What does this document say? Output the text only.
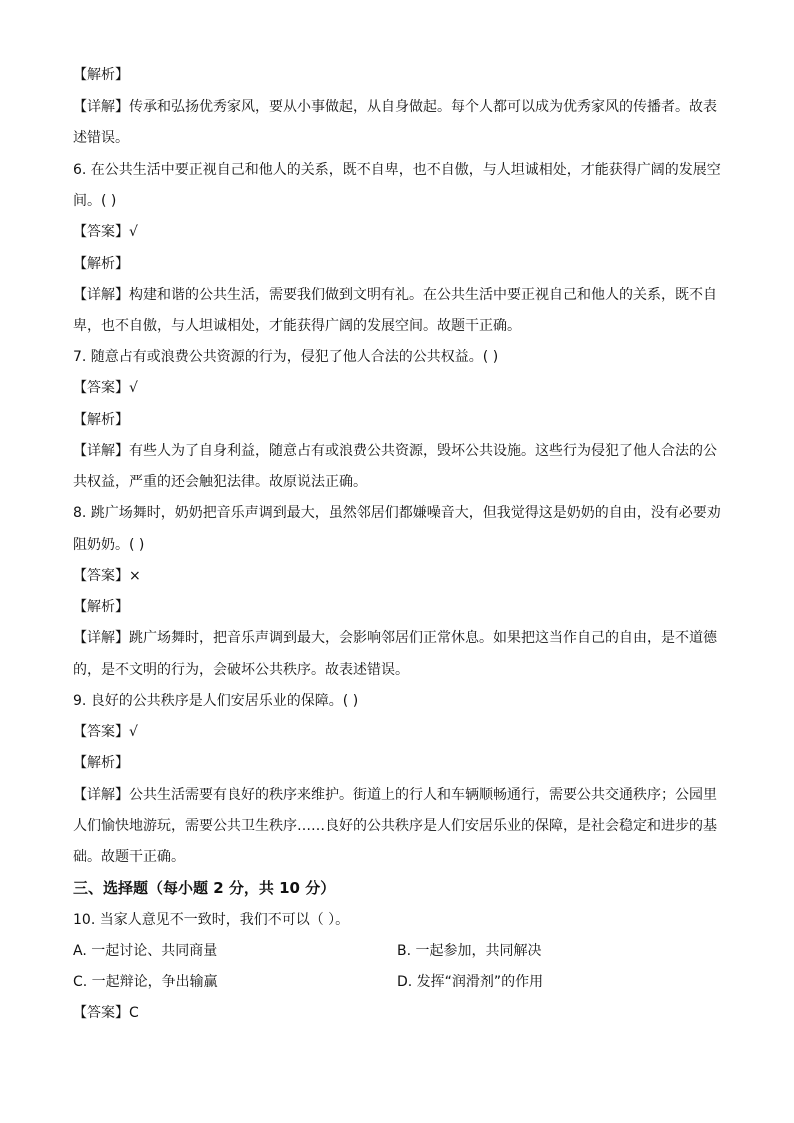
【解析】
【详解】传承和弘扬优秀家风，要从小事做起，从自身做起。每个人都可以成为优秀家风的传播者。故表
述错误。
6. 在公共生活中要正视自己和他人的关系，既不自卑，也不自傲，与人坦诚相处，才能获得广阔的发展空
间。( )
【答案】√
【解析】
【详解】构建和谐的公共生活，需要我们做到文明有礼。在公共生活中要正视自己和他人的关系，既不自
卑，也不自傲，与人坦诚相处，才能获得广阔的发展空间。故题干正确。
7. 随意占有或浪费公共资源的行为，侵犯了他人合法的公共权益。( )
【答案】√
【解析】
【详解】有些人为了自身利益，随意占有或浪费公共资源，毁坏公共设施。这些行为侵犯了他人合法的公
共权益，严重的还会触犯法律。故原说法正确。
8. 跳广场舞时，奶奶把音乐声调到最大，虽然邻居们都嫌噪音大，但我觉得这是奶奶的自由，没有必要劝
阻奶奶。( )
【答案】×
【解析】
【详解】跳广场舞时，把音乐声调到最大，会影响邻居们正常休息。如果把这当作自己的自由，是不道德
的，是不文明的行为，会破坏公共秩序。故表述错误。
9. 良好的公共秩序是人们安居乐业的保障。( )
【答案】√
【解析】
【详解】公共生活需要有良好的秩序来维护。街道上的行人和车辆顺畅通行，需要公共交通秩序；公园里
人们愉快地游玩，需要公共卫生秩序……良好的公共秩序是人们安居乐业的保障，是社会稳定和进步的基
础。故题干正确。
三、选择题（每小题 2 分，共 10 分）
10. 当家人意见不一致时，我们不可以（ ）。
A. 一起讨论、共同商量	B. 一起参加，共同解决
C. 一起辩论，争出输赢	D. 发挥“润滑剂”的作用
【答案】C
